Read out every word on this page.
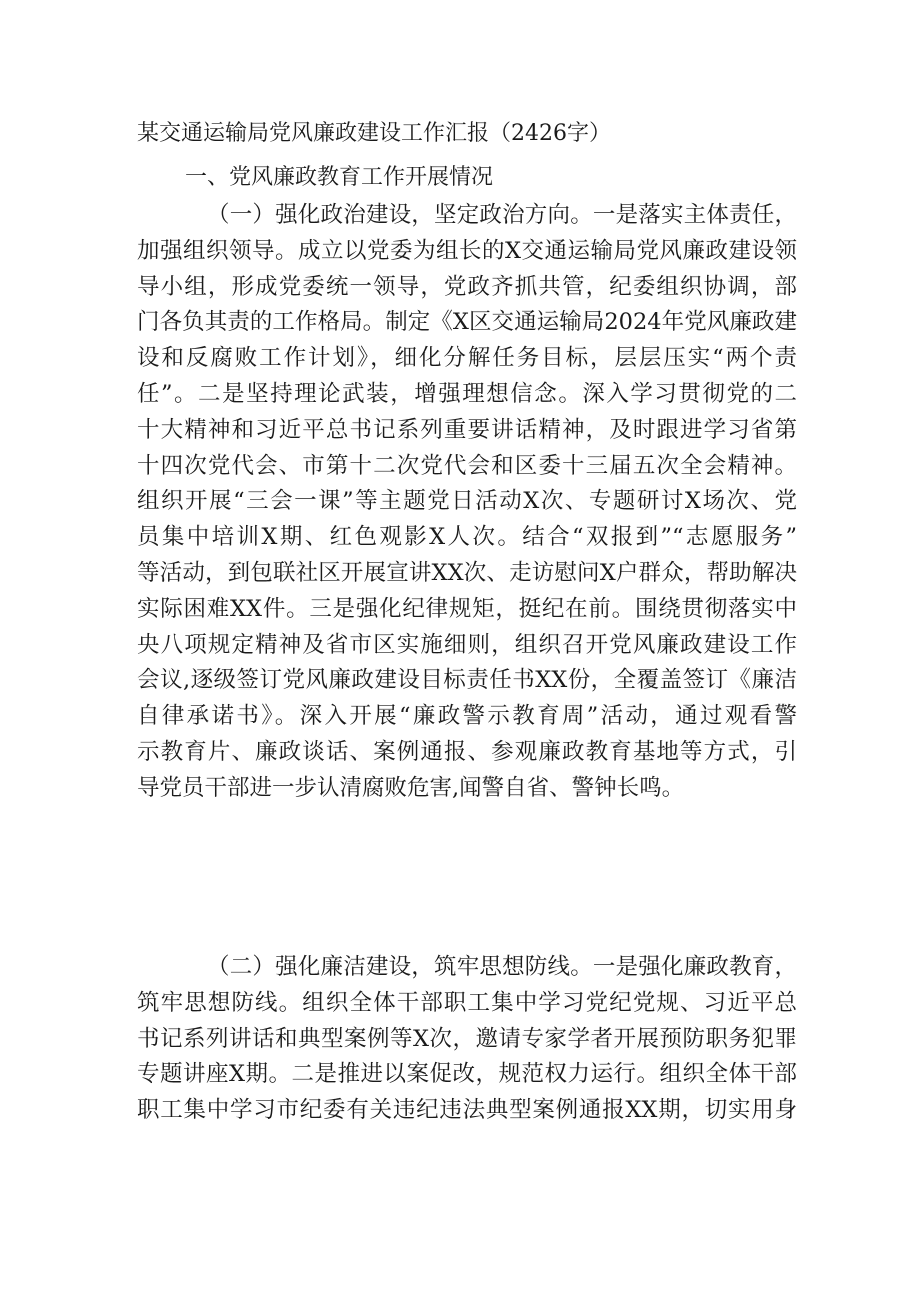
某交通运输局党风廉政建设工作汇报（2426字）
一、党风廉政教育工作开展情况

（一）强化政治建设，坚定政治方向。一是落实主体责任，
加强组织领导。成立以党委为组长的X交通运输局党风廉政建设领
导小组，形成党委统一领导，党政齐抓共管，纪委组织协调，部
门各负其责的工作格局。制定《X区交通运输局2024年党风廉政建
设和反腐败工作计划》，细化分解任务目标，层层压实“两个责
任”。二是坚持理论武装，增强理想信念。深入学习贯彻党的二
十大精神和习近平总书记系列重要讲话精神，及时跟进学习省第
十四次党代会、市第十二次党代会和区委十三届五次全会精神。
组织开展“三会一课”等主题党日活动X次、专题研讨X场次、党
员集中培训X期、红色观影X人次。结合“双报到”“志愿服务”
等活动，到包联社区开展宣讲XX次、走访慰问X户群众，帮助解决
实际困难XX件。三是强化纪律规矩，挺纪在前。围绕贯彻落实中
央八项规定精神及省市区实施细则，组织召开党风廉政建设工作
会议,逐级签订党风廉政建设目标责任书XX份，全覆盖签订《廉洁
自律承诺书》。深入开展“廉政警示教育周”活动，通过观看警
示教育片、廉政谈话、案例通报、参观廉政教育基地等方式，引
导党员干部进一步认清腐败危害,闻警自省、警钟长鸣。

（二）强化廉洁建设，筑牢思想防线。一是强化廉政教育，
筑牢思想防线。组织全体干部职工集中学习党纪党规、习近平总
书记系列讲话和典型案例等X次，邀请专家学者开展预防职务犯罪
专题讲座X期。二是推进以案促改，规范权力运行。组织全体干部
职工集中学习市纪委有关违纪违法典型案例通报XX期，切实用身
